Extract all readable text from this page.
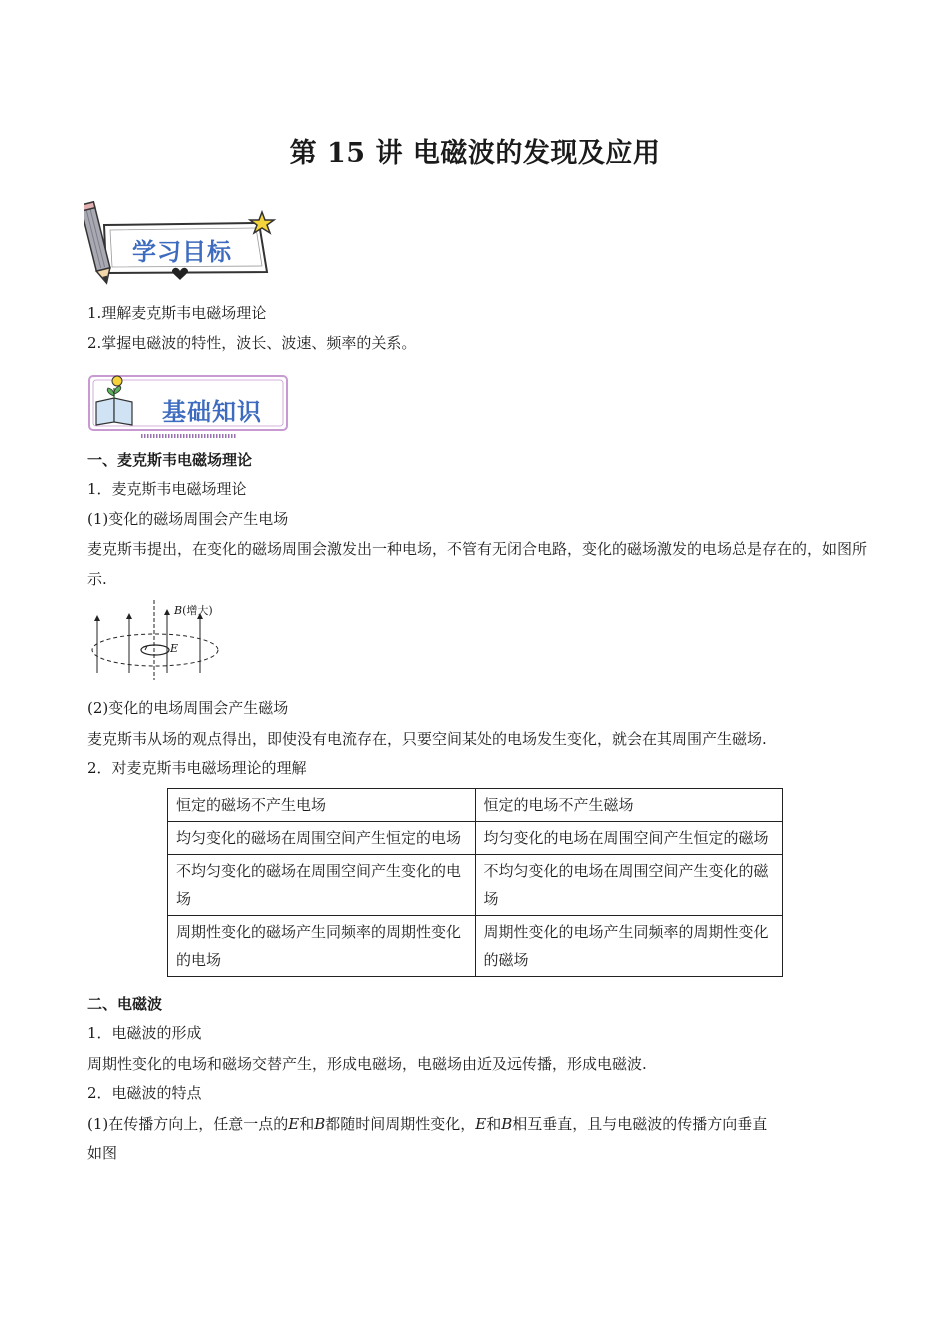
第 15 讲 电磁波的发现及应用
学习目标
1.理解麦克斯韦电磁场理论
2.掌握电磁波的特性，波长、波速、频率的关系。
基础知识
一、麦克斯韦电磁场理论
1．麦克斯韦电磁场理论
(1)变化的磁场周围会产生电场
麦克斯韦提出，在变化的磁场周围会激发出一种电场，不管有无闭合电路，变化的磁场激发的电场总是存在的，如图所示.
B(增大)
E
(2)变化的电场周围会产生磁场
麦克斯韦从场的观点得出，即使没有电流存在，只要空间某处的电场发生变化，就会在其周围产生磁场.
2．对麦克斯韦电磁场理论的理解
恒定的磁场不产生电场	恒定的电场不产生磁场
均匀变化的磁场在周围空间产生恒定的电场	均匀变化的电场在周围空间产生恒定的磁场
不均匀变化的磁场在周围空间产生变化的电场	不均匀变化的电场在周围空间产生变化的磁场
周期性变化的磁场产生同频率的周期性变化的电场	周期性变化的电场产生同频率的周期性变化的磁场
二、电磁波
1．电磁波的形成
周期性变化的电场和磁场交替产生，形成电磁场，电磁场由近及远传播，形成电磁波.
2．电磁波的特点
(1)在传播方向上，任意一点的E和B都随时间周期性变化，E和B相互垂直，且与电磁波的传播方向垂直
如图
